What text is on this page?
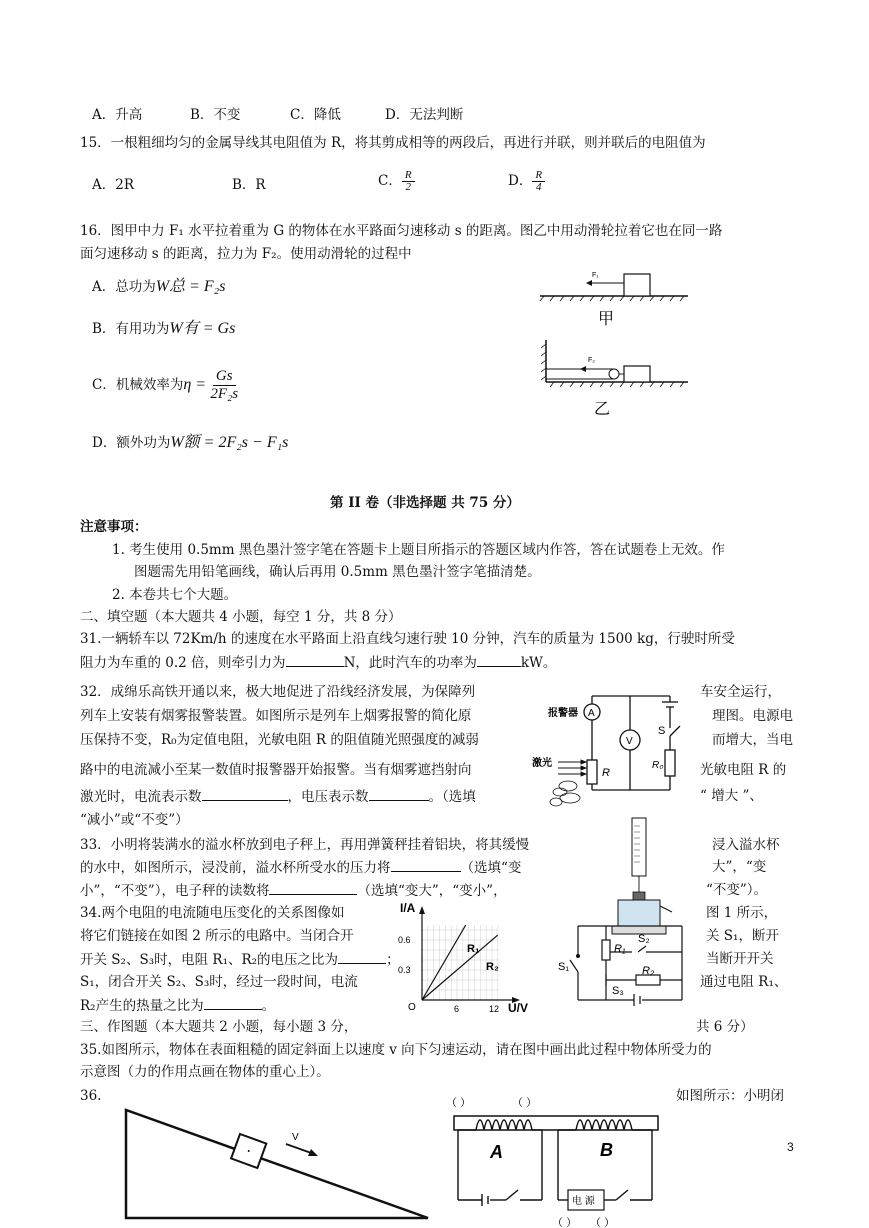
A．升高	B．不变	C．降低	D．无法判断
15．一根粗细均匀的金属导线其电阻值为 R，将其剪成相等的两段后，再进行并联，则并联后的电阻值为
A．2R	B．R	C． $\frac{R}{2}$	D． $\frac{R}{4}$
16．图甲中力 F₁ 水平拉着重为 G 的物体在水平路面匀速移动 s 的距离。图乙中用动滑轮拉着它也在同一路
面匀速移动 s 的距离，拉力为 F₂。使用动滑轮的过程中
A．总功为W总 = F₂s
B．有用功为W有 = Gs
C．机械效率为$\eta = \frac{Gs}{\text{2F₂s}}$
D．额外功为W额 = 2F₂s − F₁s
F₁
甲
F₂
乙
第 II 卷（非选择题 共 75 分）
注意事项：
1. 考生使用 0.5mm 黑色墨汁签字笔在答题卡上题目所指示的答题区域内作答，答在试题卷上无效。作
图题需先用铅笔画线，确认后再用 0.5mm 黑色墨汁签字笔描清楚。
2. 本卷共七个大题。
二、填空题（本大题共 4 小题，每空 1 分，共 8 分）
31.一辆轿车以 72Km/h 的速度在水平路面上沿直线匀速行驶 10 分钟，汽车的质量为 1500 kg，行驶时所受
阻力为车重的 0.2 倍，则牵引力为	N，此时汽车的功率为	kW。
32．成绵乐高铁开通以来，极大地促进了沿线经济发展，为保障列	车安全运行，
列车上安装有烟雾报警装置。如图所示是列车上烟雾报警的简化原	理图。电源电
压保持不变，R₀为定值电阻，光敏电阻 R 的阻值随光照强度的减弱	而增大，当电
路中的电流减小至某一数值时报警器开始报警。当有烟雾遮挡射向	光敏电阻 R 的
激光时，电流表示数	，电压表示数	。（选填	“ 增大 ”、
“减小”或“不变”）
A
V
报警器
激光
R
R₀
S
33．小明将装满水的溢水杯放到电子秤上，再用弹簧秤挂着铝块，将其缓慢	浸入溢水杯
的水中，如图所示，浸没前，溢水杯所受水的压力将	（选填“变	大”，“变
小”，“不变”），电子秤的读数将	（选填“变大”，“变小”，	“不变”）。
34.两个电阻的电流随电压变化的关系图像如	图 1 所示，
将它们链接在如图 2 所示的电路中。当闭合开	关 S₁，断开
开关 S₂、S₃时，电阻 R₁、R₂的电压之比为	；	当断开开关
S₁，闭合开关 S₂、S₃时，经过一段时间，电流	通过电阻 R₁、
R₂产生的热量之比为	。
I/A
U/V
O
R₁
R₂
6	12
0.3
0.6
S₁
R₁
S₂
S₃
R₂
三、作图题（本大题共 2 小题，每小题 3 分，	共 6 分）
35.如图所示，物体在表面粗糙的固定斜面上以速度 v 向下匀速运动，请在图中画出此过程中物体所受力的
示意图（力的作用点画在物体的重心上）。
36.	如图所示：小明闭
V
（ ）	（ ）
A	B
电 源
（ ） （ ）
3
